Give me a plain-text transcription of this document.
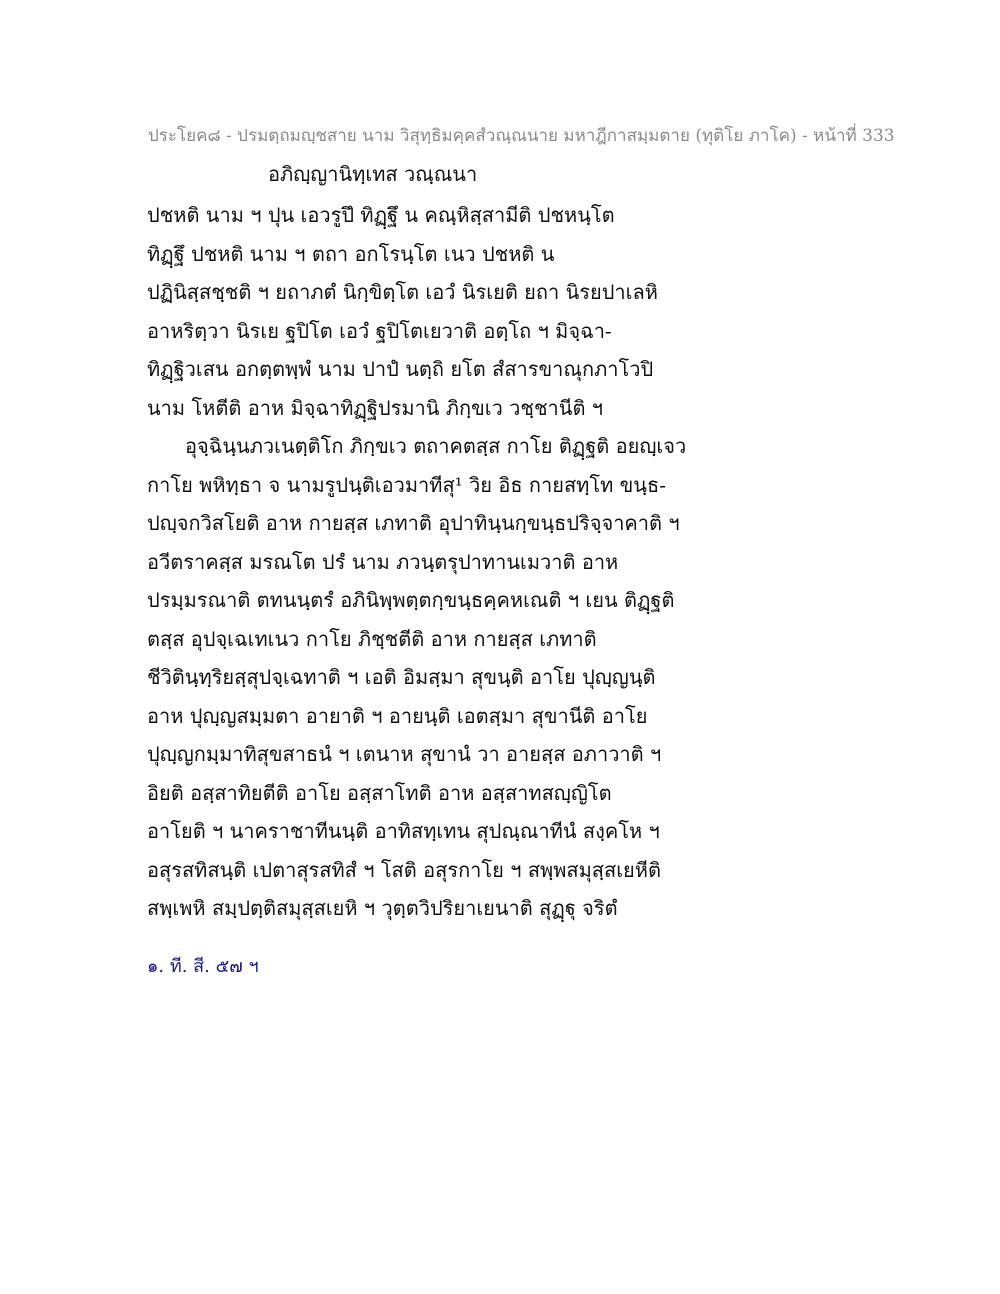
ประโยค๘ - ปรมตฺถมญฺชสาย นาม วิสุทฺธิมคฺคสํวณฺณนาย มหาฎีกาสมฺมตาย (ทุติโย ภาโค) - หน้าที่ 333
อภิญฺญานิทฺเทส วณฺณนา
ปชหติ นาม ฯ ปุน เอวรูปึ ทิฏฺฐึ น คณฺหิสฺสามีติ ปชหนฺโต
ทิฏฺฐึ ปชหติ นาม ฯ ตถา อกโรนฺโต เนว ปชหติ น
ปฏินิสฺสชฺชติ ฯ ยถาภตํ นิกฺขิตฺโต เอวํ นิรเยติ ยถา นิรยปาเลหิ
อาหริตฺวา นิรเย ฐปิโต เอวํ ฐปิโตเยวาติ อตฺโถ ฯ มิจฺฉา-
ทิฏฺฐิวเสน อกตฺตพฺพํ นาม ปาปํ นตฺถิ ยโต สํสารขาณุกภาโวปิ
นาม โหตีติ อาห มิจฺฉาทิฏฺฐิปรมานิ ภิกฺขเว วชฺชานีติ ฯ
อุจฺฉินฺนภวเนตฺติโก ภิกฺขเว ตถาคตสฺส กาโย ติฏฺฐติ อยญฺเจว
กาโย พหิทฺธา จ นามรูปนฺติเอวมาทีสุ¹ วิย อิธ กายสทฺโท ขนฺธ-
ปญฺจกวิสโยติ อาห กายสฺส เภทาติ อุปาทินฺนกฺขนฺธปริจฺจาคาติ ฯ
อวีตราคสฺส มรณโต ปรํ นาม ภวนฺตรุปาทานเมวาติ อาห
ปรมฺมรณาติ ตทนนฺตรํ อภินิพฺพตฺตกฺขนฺธคฺคหเณติ ฯ เยน ติฏฺฐติ
ตสฺส อุปจฺเฉเทเนว กาโย ภิชฺชตีติ อาห กายสฺส เภทาติ
ชีวิตินฺทฺริยสฺสุปจฺเฉทาติ ฯ เอติ อิมสฺมา สุขนฺติ อาโย ปุญฺญนฺติ
อาห ปุญฺญสมฺมตา อายาติ ฯ อายนฺติ เอตสฺมา สุขานีติ อาโย
ปุญฺญกมฺมาทิสุขสาธนํ ฯ เตนาห สุขานํ วา อายสฺส อภาวาติ ฯ
อิยติ อสฺสาทิยตีติ อาโย อสฺสาโทติ อาห อสฺสาทสญฺญิโต
อาโยติ ฯ นาคราชาทีนนฺติ อาทิสทฺเทน สุปณฺณาทีนํ สงฺคโห ฯ
อสุรสทิสนฺติ เปตาสุรสทิสํ ฯ โสติ อสุรกาโย ฯ สพฺพสมุสฺสเยหีติ
สพฺเพหิ สมฺปตฺติสมุสฺสเยหิ ฯ วุตฺตวิปริยาเยนาติ สุฏฺฐุ จริตํ
๑. ที. สี. ๕๗ ฯ
